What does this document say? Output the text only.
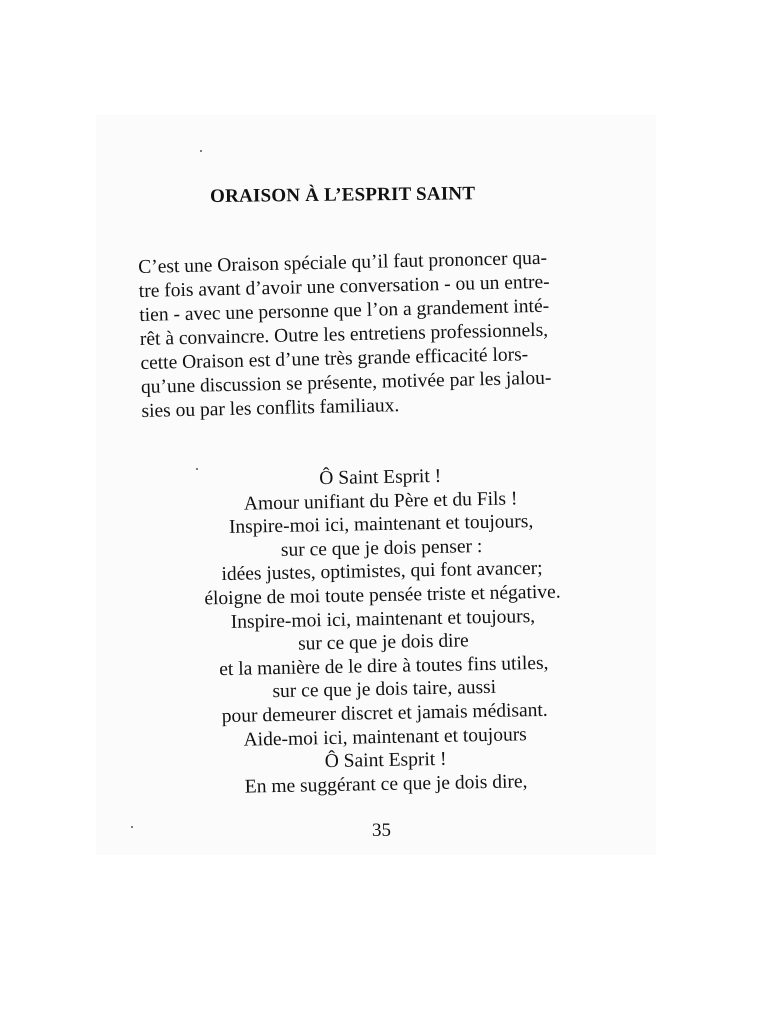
ORAISON À L’ESPRIT SAINT
C’est une Oraison spéciale qu’il faut prononcer qua-
tre fois avant d’avoir une conversation - ou un entre-
tien - avec une personne que l’on a grandement inté-
rêt à convaincre. Outre les entretiens professionnels,
cette Oraison est d’une très grande efficacité lors-
qu’une discussion se présente, motivée par les jalou-
sies ou par les conflits familiaux.
Ô Saint Esprit !
Amour unifiant du Père et du Fils !
Inspire-moi ici, maintenant et toujours,
sur ce que je dois penser :
idées justes, optimistes, qui font avancer;
éloigne de moi toute pensée triste et négative.
Inspire-moi ici, maintenant et toujours,
sur ce que je dois dire
et la manière de le dire à toutes fins utiles,
sur ce que je dois taire, aussi
pour demeurer discret et jamais médisant.
Aide-moi ici, maintenant et toujours
Ô Saint Esprit !
En me suggérant ce que je dois dire,
35
